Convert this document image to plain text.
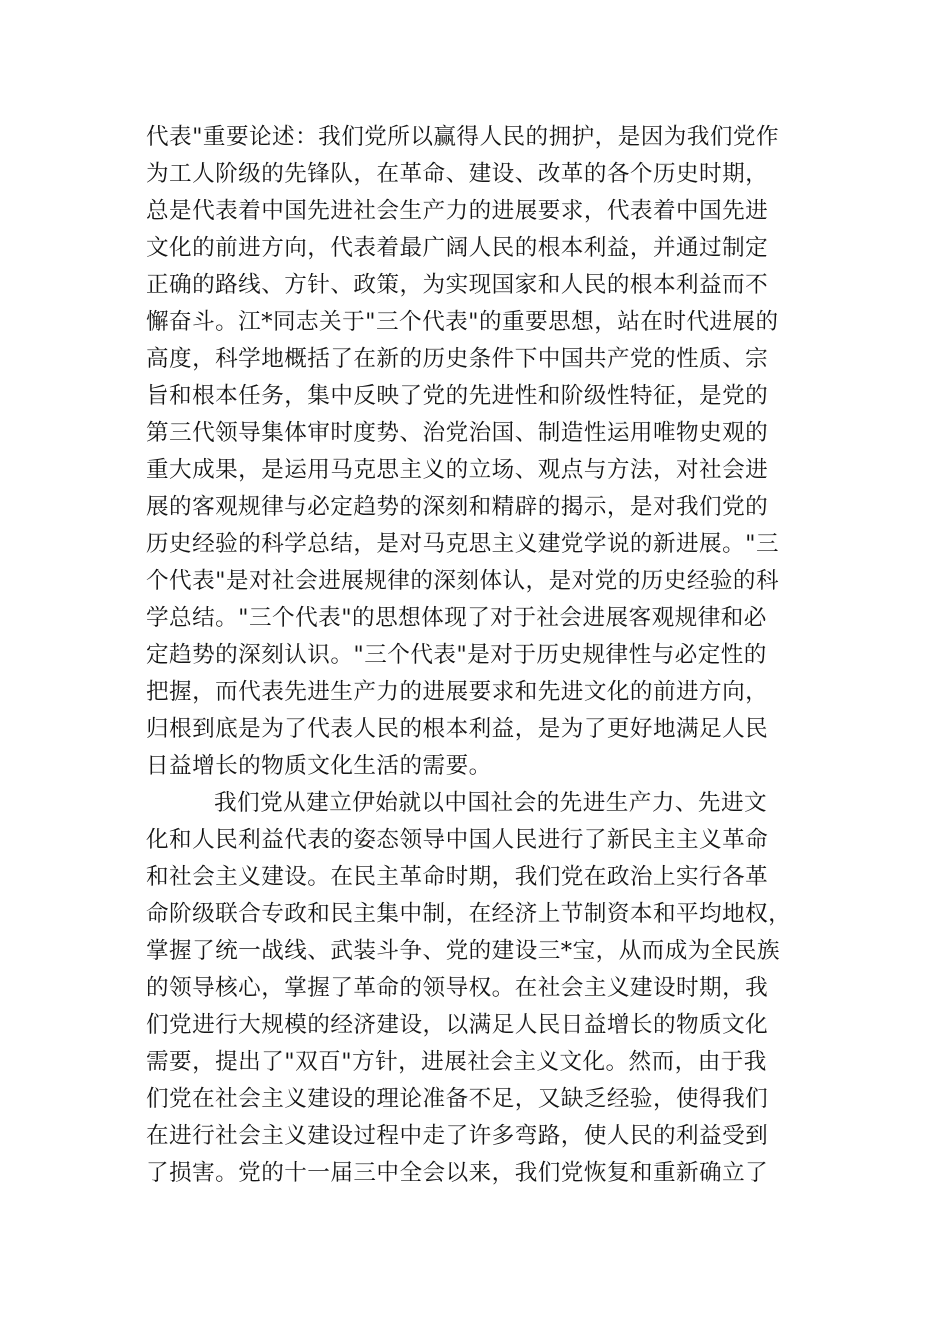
代表"重要论述：我们党所以赢得人民的拥护，是因为我们党作
为工人阶级的先锋队，在革命、建设、改革的各个历史时期，
总是代表着中国先进社会生产力的进展要求，代表着中国先进
文化的前进方向，代表着最广阔人民的根本利益，并通过制定
正确的路线、方针、政策，为实现国家和人民的根本利益而不
懈奋斗。江*同志关于"三个代表"的重要思想，站在时代进展的
高度，科学地概括了在新的历史条件下中国共产党的性质、宗
旨和根本任务，集中反映了党的先进性和阶级性特征，是党的
第三代领导集体审时度势、治党治国、制造性运用唯物史观的
重大成果，是运用马克思主义的立场、观点与方法，对社会进
展的客观规律与必定趋势的深刻和精辟的揭示，是对我们党的
历史经验的科学总结，是对马克思主义建党学说的新进展。"三
个代表"是对社会进展规律的深刻体认，是对党的历史经验的科
学总结。"三个代表"的思想体现了对于社会进展客观规律和必
定趋势的深刻认识。"三个代表"是对于历史规律性与必定性的
把握，而代表先进生产力的进展要求和先进文化的前进方向，
归根到底是为了代表人民的根本利益，是为了更好地满足人民
日益增长的物质文化生活的需要。
我们党从建立伊始就以中国社会的先进生产力、先进文
化和人民利益代表的姿态领导中国人民进行了新民主主义革命
和社会主义建设。在民主革命时期，我们党在政治上实行各革
命阶级联合专政和民主集中制，在经济上节制资本和平均地权，
掌握了统一战线、武装斗争、党的建设三*宝，从而成为全民族
的领导核心，掌握了革命的领导权。在社会主义建设时期，我
们党进行大规模的经济建设，以满足人民日益增长的物质文化
需要，提出了"双百"方针，进展社会主义文化。然而，由于我
们党在社会主义建设的理论准备不足，又缺乏经验，使得我们
在进行社会主义建设过程中走了许多弯路，使人民的利益受到
了损害。党的十一届三中全会以来，我们党恢复和重新确立了
